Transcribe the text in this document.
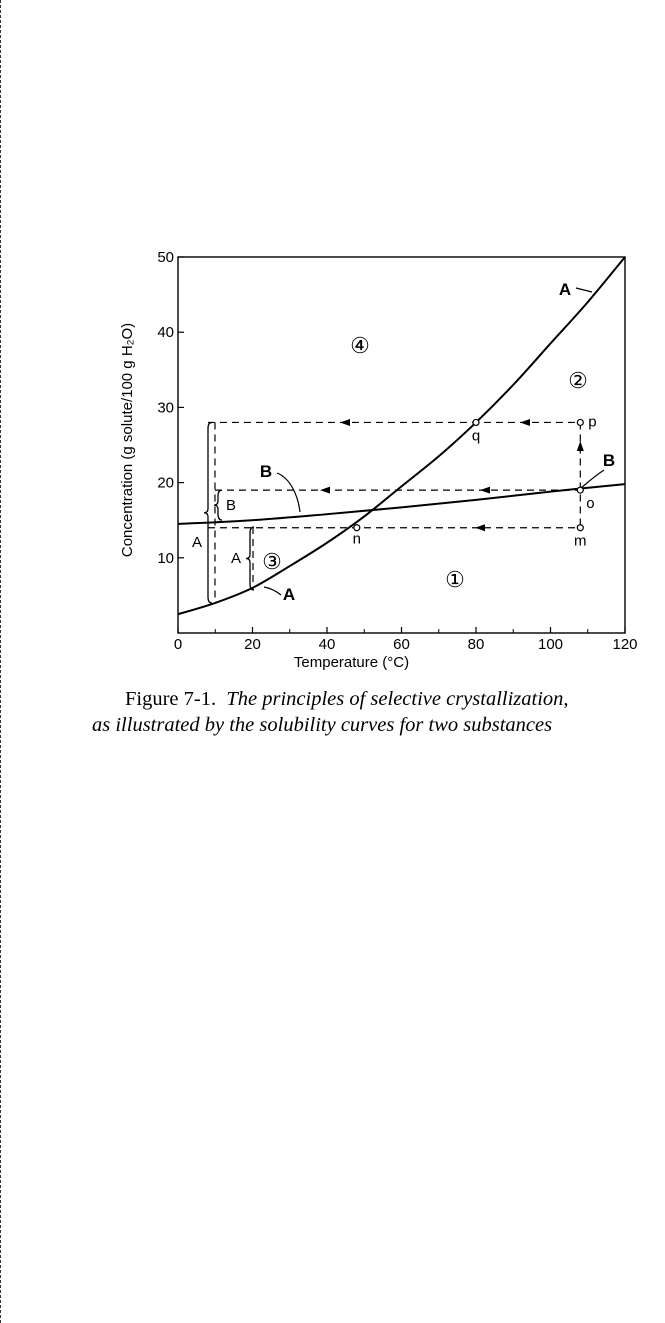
0	20	40	60	80	100	120
10
20
30
40
50
Temperature (°C)
Concentration (g solute/100 g H₂O)	p
q
o
m
n
①
②
③
④
A
A
B
B
A
B
A
Figure 7-1. The principles of selective crystallization,
as illustrated by the solubility curves for two substances
